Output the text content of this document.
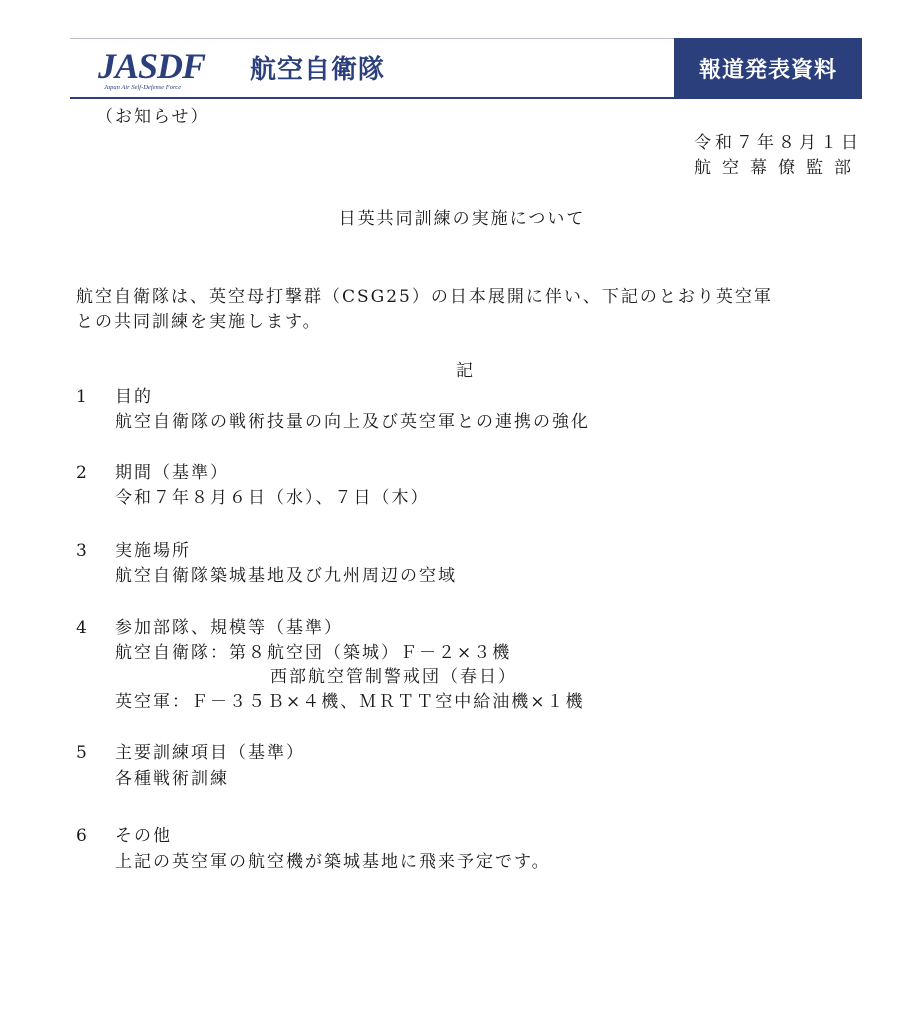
JASDF
Japan Air Self-Defense Force
航空自衛隊	報道発表資料
（お知らせ）
令和７年８月１日
航空幕僚監部
日英共同訓練の実施について
航空自衛隊は、英空母打撃群（CSG25）の日本展開に伴い、下記のとおり英空軍
との共同訓練を実施します。
記
1 目的
航空自衛隊の戦術技量の向上及び英空軍との連携の強化
2 期間（基準）
令和７年８月６日（水）、７日（木）
3 実施場所
航空自衛隊築城基地及び九州周辺の空域
4 参加部隊、規模等（基準）
航空自衛隊：第８航空団（築城）Ｆ－２×３機
西部航空管制警戒団（春日）
英空軍：Ｆ－３５Ｂ×４機、ＭＲＴＴ空中給油機×１機
5 主要訓練項目（基準）
各種戦術訓練
6 その他
上記の英空軍の航空機が築城基地に飛来予定です。
